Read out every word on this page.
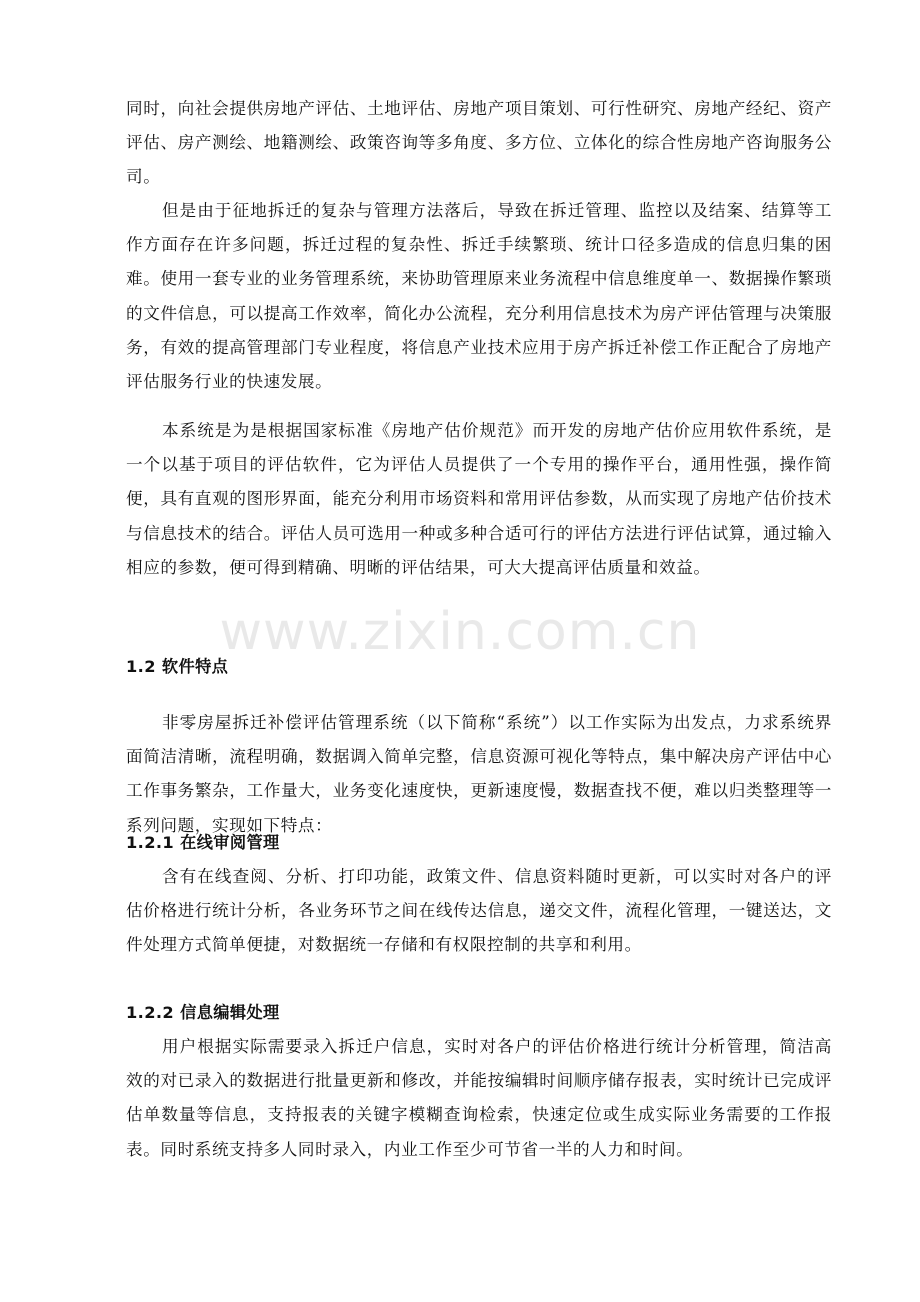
同时，向社会提供房地产评估、土地评估、房地产项目策划、可行性研究、房地产经纪、资产评估、房产测绘、地籍测绘、政策咨询等多角度、多方位、立体化的综合性房地产咨询服务公司。

但是由于征地拆迁的复杂与管理方法落后，导致在拆迁管理、监控以及结案、结算等工作方面存在许多问题，拆迁过程的复杂性、拆迁手续繁琐、统计口径多造成的信息归集的困难。使用一套专业的业务管理系统，来协助管理原来业务流程中信息维度单一、数据操作繁琐的文件信息，可以提高工作效率，简化办公流程，充分利用信息技术为房产评估管理与决策服务，有效的提高管理部门专业程度，将信息产业技术应用于房产拆迁补偿工作正配合了房地产评估服务行业的快速发展。

本系统是为是根据国家标准《房地产估价规范》而开发的房地产估价应用软件系统，是一个以基于项目的评估软件，它为评估人员提供了一个专用的操作平台，通用性强，操作简便，具有直观的图形界面，能充分利用市场资料和常用评估参数，从而实现了房地产估价技术与信息技术的结合。评估人员可选用一种或多种合适可行的评估方法进行评估试算，通过输入相应的参数，便可得到精确、明晰的评估结果，可大大提高评估质量和效益。

www.zixin.com.cn
1.2 软件特点

非零房屋拆迁补偿评估管理系统（以下简称“系统”）以工作实际为出发点，力求系统界面简洁清晰，流程明确，数据调入简单完整，信息资源可视化等特点，集中解决房产评估中心工作事务繁杂，工作量大，业务变化速度快，更新速度慢，数据查找不便，难以归类整理等一系列问题，实现如下特点：

1.2.1 在线审阅管理

含有在线查阅、分析、打印功能，政策文件、信息资料随时更新，可以实时对各户的评估价格进行统计分析，各业务环节之间在线传达信息，递交文件，流程化管理，一键送达，文件处理方式简单便捷，对数据统一存储和有权限控制的共享和利用。

1.2.2 信息编辑处理

用户根据实际需要录入拆迁户信息，实时对各户的评估价格进行统计分析管理，简洁高效的对已录入的数据进行批量更新和修改，并能按编辑时间顺序储存报表，实时统计已完成评估单数量等信息，支持报表的关键字模糊查询检索，快速定位或生成实际业务需要的工作报表。同时系统支持多人同时录入，内业工作至少可节省一半的人力和时间。
